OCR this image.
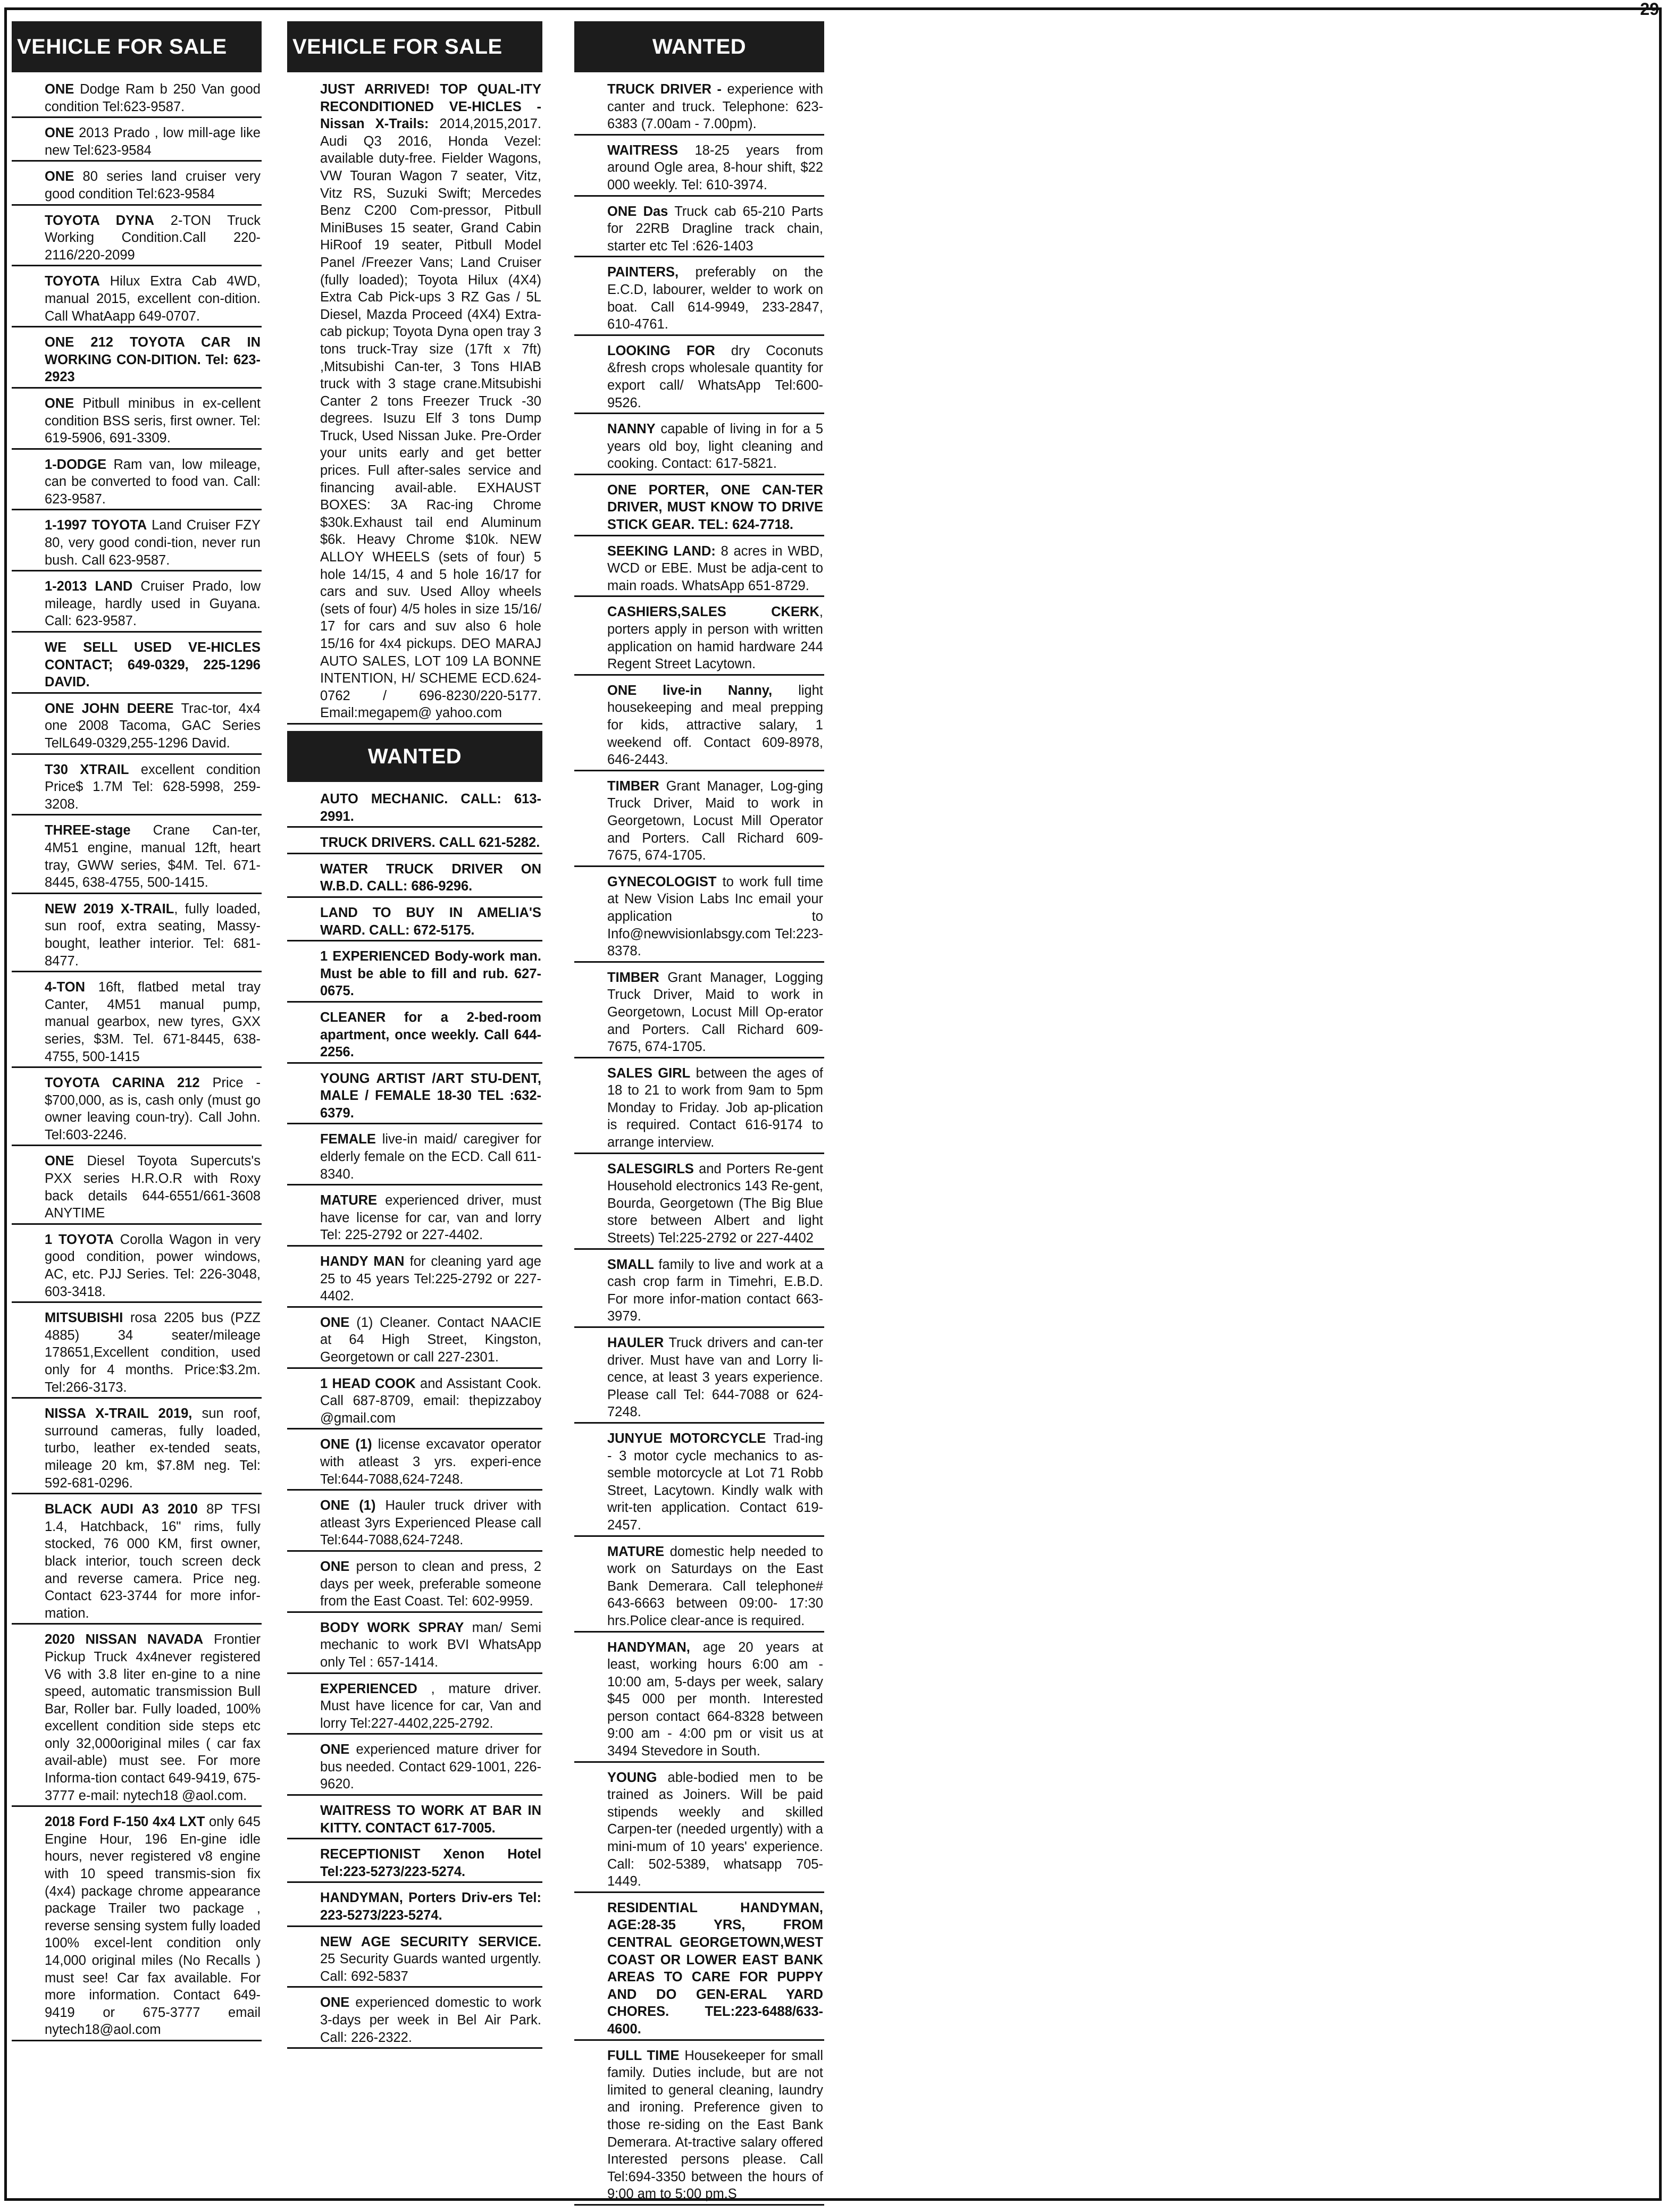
29
VEHICLE FOR SALE

ONE Dodge Ram b 250 Van good condition Tel:623-9587.

ONE 2013 Prado , low mill-age like new Tel:623-9584

ONE 80 series land cruiser very good condition Tel:623-9584

TOYOTA DYNA 2-TON Truck Working Condition.Call 220-2116/220-2099

TOYOTA Hilux Extra Cab 4WD, manual 2015, excellent con-dition. Call WhatAapp 649-0707.

ONE 212 TOYOTA CAR IN WORKING CON-DITION. Tel: 623-2923

ONE Pitbull minibus in ex-cellent condition BSS seris, first owner. Tel: 619-5906, 691-3309.

1-DODGE Ram van, low mileage, can be converted to food van. Call: 623-9587.

1-1997 TOYOTA Land Cruiser FZY 80, very good condi-tion, never run bush. Call 623-9587.

1-2013 LAND Cruiser Prado, low mileage, hardly used in Guyana. Call: 623-9587.

WE SELL USED VE-HICLES CONTACT; 649-0329, 225-1296 DAVID.

ONE JOHN DEERE Trac-tor, 4x4 one 2008 Tacoma, GAC Series TelL649-0329,255-1296 David.

T30 XTRAIL excellent condition Price$ 1.7M Tel: 628-5998, 259-3208.

THREE-stage Crane Can-ter, 4M51 engine, manual 12ft, heart tray, GWW series, $4M. Tel. 671-8445, 638-4755, 500-1415.

NEW 2019 X-TRAIL, fully loaded, sun roof, extra seating, Massy-bought, leather interior. Tel: 681-8477.

4-TON 16ft, flatbed metal tray Canter, 4M51 manual pump, manual gearbox, new tyres, GXX series, $3M. Tel. 671-8445, 638-4755, 500-1415

TOYOTA CARINA 212 Price - $700,000, as is, cash only (must go owner leaving coun-try). Call John. Tel:603-2246.

ONE Diesel Toyota Supercuts's PXX series H.R.O.R with Roxy back details 644-6551/661-3608 ANYTIME

1 TOYOTA Corolla Wagon in very good condition, power windows, AC, etc. PJJ Series. Tel: 226-3048, 603-3418.

MITSUBISHI rosa 2205 bus (PZZ 4885) 34 seater/mileage 178651,Excellent condition, used only for 4 months. Price:$3.2m. Tel:266-3173.

NISSA X-TRAIL 2019, sun roof, surround cameras, fully loaded, turbo, leather ex-tended seats, mileage 20 km, $7.8M neg. Tel: 592-681-0296.

BLACK AUDI A3 2010 8P TFSI 1.4, Hatchback, 16" rims, fully stocked, 76 000 KM, first owner, black interior, touch screen deck and reverse camera. Price neg. Contact 623-3744 for more infor-mation.

2020 NISSAN NAVADA Frontier Pickup Truck 4x4never registered V6 with 3.8 liter en-gine to a nine speed, automatic transmission Bull Bar, Roller bar. Fully loaded, 100% excellent condition side steps etc only 32,000original miles ( car fax avail-able) must see. For more Informa-tion contact 649-9419, 675-3777 e-mail: nytech18 @aol.com.

2018 Ford F-150 4x4 LXT only 645 Engine Hour, 196 En-gine idle hours, never registered v8 engine with 10 speed transmis-sion fix (4x4) package chrome appearance package Trailer two package , reverse sensing system fully loaded 100% excel-lent condition only 14,000 original miles (No Recalls ) must see! Car fax available. For more information. Contact 649-9419 or 675-3777 email nytech18@aol.com

VEHICLE FOR SALE

JUST ARRIVED! TOP QUAL-ITY RECONDITIONED VE-HICLES - Nissan X-Trails: 2014,2015,2017. Audi Q3 2016, Honda Vezel: available duty-free. Fielder Wagons, VW Touran Wagon 7 seater, Vitz, Vitz RS, Suzuki Swift; Mercedes Benz C200 Com-pressor, Pitbull MiniBuses 15 seater, Grand Cabin HiRoof 19 seater, Pitbull Model Panel /Freezer Vans; Land Cruiser (fully loaded); Toyota Hilux (4X4) Extra Cab Pick-ups 3 RZ Gas / 5L Diesel, Mazda Proceed (4X4) Extra-cab pickup; Toyota Dyna open tray 3 tons truck-Tray size (17ft x 7ft) ,Mitsubishi Can-ter, 3 Tons HIAB truck with 3 stage crane.Mitsubishi Canter 2 tons Freezer Truck -30 degrees. Isuzu Elf 3 tons Dump Truck, Used Nissan Juke. Pre-Order your units early and get better prices. Full after-sales service and financing avail-able. EXHAUST BOXES: 3A Rac-ing Chrome $30k.Exhaust tail end Aluminum $6k. Heavy Chrome $10k. NEW ALLOY WHEELS (sets of four) 5 hole 14/15, 4 and 5 hole 16/17 for cars and suv. Used Alloy wheels (sets of four) 4/5 holes in size 15/16/ 17 for cars and suv also 6 hole 15/16 for 4x4 pickups. DEO MARAJ AUTO SALES, LOT 109 LA BONNE INTENTION, H/ SCHEME ECD.624-0762 / 696-8230/220-5177. Email:megapem@ yahoo.com

WANTED

AUTO MECHANIC. CALL: 613-2991.

TRUCK DRIVERS. CALL 621-5282.

WATER TRUCK DRIVER ON W.B.D. CALL: 686-9296.

LAND TO BUY IN AMELIA'S WARD. CALL: 672-5175.

1 EXPERIENCED Body-work man. Must be able to fill and rub. 627-0675.

CLEANER for a 2-bed-room apartment, once weekly. Call 644-2256.

YOUNG ARTIST /ART STU-DENT, MALE / FEMALE 18-30 TEL :632-6379.

FEMALE live-in maid/ caregiver for elderly female on the ECD. Call 611-8340.

MATURE experienced driver, must have license for car, van and lorry Tel: 225-2792 or 227-4402.

HANDY MAN for cleaning yard age 25 to 45 years Tel:225-2792 or 227-4402.

ONE (1) Cleaner. Contact NAACIE at 64 High Street, Kingston, Georgetown or call 227-2301.

1 HEAD COOK and Assistant Cook. Call 687-8709, email: thepizzaboy @gmail.com

ONE (1) license excavator operator with atleast 3 yrs. experi-ence Tel:644-7088,624-7248.

ONE (1) Hauler truck driver with atleast 3yrs Experienced Please call Tel:644-7088,624-7248.

ONE person to clean and press, 2 days per week, preferable someone from the East Coast. Tel: 602-9959.

BODY WORK SPRAY man/ Semi mechanic to work BVI WhatsApp only Tel : 657-1414.

EXPERIENCED , mature driver. Must have licence for car, Van and lorry Tel:227-4402,225-2792.

ONE experienced mature driver for bus needed. Contact 629-1001, 226-9620.

WAITRESS TO WORK AT BAR IN KITTY. CONTACT 617-7005.

RECEPTIONIST Xenon Hotel Tel:223-5273/223-5274.

HANDYMAN, Porters Driv-ers Tel: 223-5273/223-5274.

NEW AGE SECURITY SERVICE. 25 Security Guards wanted urgently. Call: 692-5837

ONE experienced domestic to work 3-days per week in Bel Air Park. Call: 226-2322.

WANTED

TRUCK DRIVER - experience with canter and truck. Telephone: 623-6383 (7.00am - 7.00pm).

WAITRESS 18-25 years from around Ogle area, 8-hour shift, $22 000 weekly. Tel: 610-3974.

ONE Das Truck cab 65-210 Parts for 22RB Dragline track chain, starter etc Tel :626-1403

PAINTERS, preferably on the E.C.D, labourer, welder to work on boat. Call 614-9949, 233-2847, 610-4761.

LOOKING FOR dry Coconuts &fresh crops wholesale quantity for export call/ WhatsApp Tel:600-9526.

NANNY capable of living in for a 5 years old boy, light cleaning and cooking. Contact: 617-5821.

ONE PORTER, ONE CAN-TER DRIVER, MUST KNOW TO DRIVE STICK GEAR. TEL: 624-7718.

SEEKING LAND: 8 acres in WBD, WCD or EBE. Must be adja-cent to main roads. WhatsApp 651-8729.

CASHIERS,SALES CKERK, porters apply in person with written application on hamid hardware 244 Regent Street Lacytown.

ONE live-in Nanny, light housekeeping and meal prepping for kids, attractive salary, 1 weekend off. Contact 609-8978, 646-2443.

TIMBER Grant Manager, Log-ging Truck Driver, Maid to work in Georgetown, Locust Mill Operator and Porters. Call Richard 609-7675, 674-1705.

GYNECOLOGIST to work full time at New Vision Labs Inc email your application to Info@newvisionlabsgy.com Tel:223-8378.

TIMBER Grant Manager, Logging Truck Driver, Maid to work in Georgetown, Locust Mill Op-erator and Porters. Call Richard 609-7675, 674-1705.

SALES GIRL between the ages of 18 to 21 to work from 9am to 5pm Monday to Friday. Job ap-plication is required. Contact 616-9174 to arrange interview.

SALESGIRLS and Porters Re-gent Household electronics 143 Re-gent, Bourda, Georgetown (The Big Blue store between Albert and light Streets) Tel:225-2792 or 227-4402

SMALL family to live and work at a cash crop farm in Timehri, E.B.D. For more infor-mation contact 663-3979.

HAULER Truck drivers and can-ter driver. Must have van and Lorry li-cence, at least 3 years experience. Please call Tel: 644-7088 or 624-7248.

JUNYUE MOTORCYCLE Trad-ing - 3 motor cycle mechanics to as-semble motorcycle at Lot 71 Robb Street, Lacytown. Kindly walk with writ-ten application. Contact 619-2457.

MATURE domestic help needed to work on Saturdays on the East Bank Demerara. Call telephone# 643-6663 between 09:00- 17:30 hrs.Police clear-ance is required.

HANDYMAN, age 20 years at least, working hours 6:00 am - 10:00 am, 5-days per week, salary $45 000 per month. Interested person contact 664-8328 between 9:00 am - 4:00 pm or visit us at 3494 Stevedore in South.

YOUNG able-bodied men to be trained as Joiners. Will be paid stipends weekly and skilled Carpen-ter (needed urgently) with a mini-mum of 10 years' experience. Call: 502-5389, whatsapp 705-1449.

RESIDENTIAL HANDYMAN, AGE:28-35 YRS, FROM CENTRAL GEORGETOWN,WEST COAST OR LOWER EAST BANK AREAS TO CARE FOR PUPPY AND DO GEN-ERAL YARD CHORES. TEL:223-6488/633-4600.

FULL TIME Housekeeper for small family. Duties include, but are not limited to general cleaning, laundry and ironing. Preference given to those re-siding on the East Bank Demerara. At-tractive salary offered Interested persons please. Call Tel:694-3350 between the hours of 9:00 am to 5:00 pm.S
